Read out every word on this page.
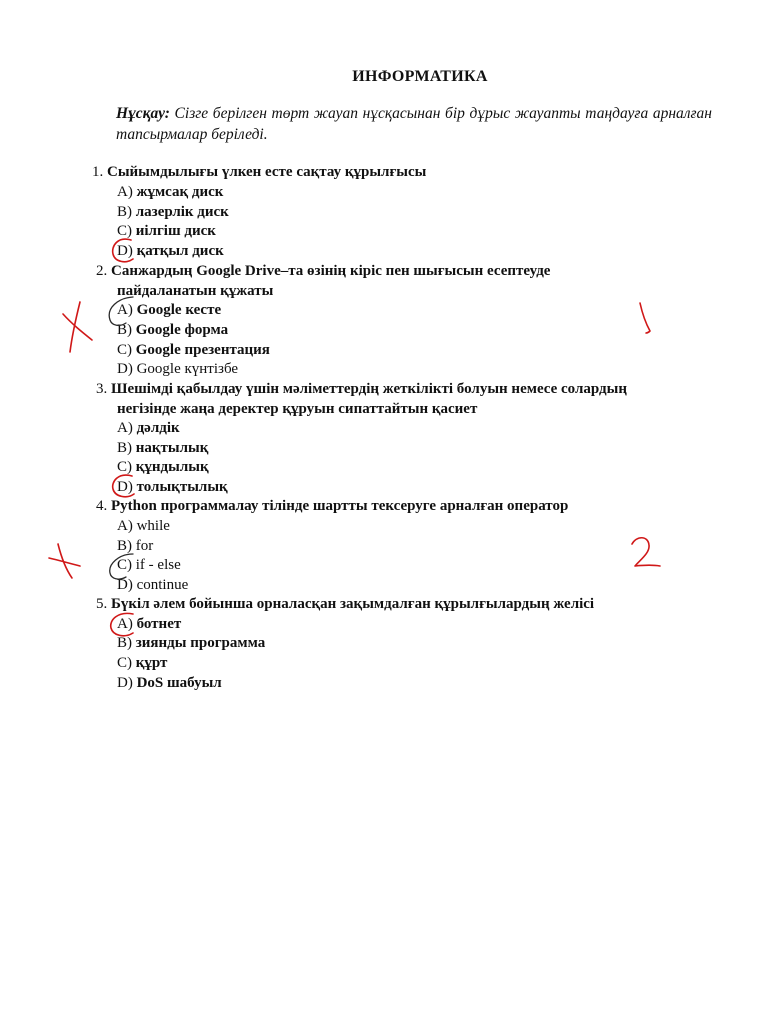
ИНФОРМАТИКА

Нұсқау: Сізге берілген төрт жауап нұсқасынан бір дұрыс жауапты таңдауға арналған тапсырмалар беріледі.

1. Сыйымдылығы үлкен есте сақтау құрылғысы
A) жұмсақ диск
B) лазерлік диск
C) иілгіш диск
D) қатқыл диск
2. Санжардың Google Drive–та өзінің кіріс пен шығысын есептеуде
пайдаланатын құжаты
A) Google кесте
B) Google форма
C) Google презентация
D) Google күнтізбе
3. Шешімді қабылдау үшін мәліметтердің жеткілікті болуын немесе солардың
негізінде жаңа деректер құруын сипаттайтын қасиет
A) дәлдік
B) нақтылық
C) құндылық
D) толықтылық
4. Python программалау тілінде шартты тексеруге арналған оператор
A) while
B) for
C) if - else
D) continue
5. Бүкіл әлем бойынша орналасқан зақымдалған құрылғылардың желісі
A) ботнет
B) зиянды программа
C) құрт
D) DoS шабуыл
